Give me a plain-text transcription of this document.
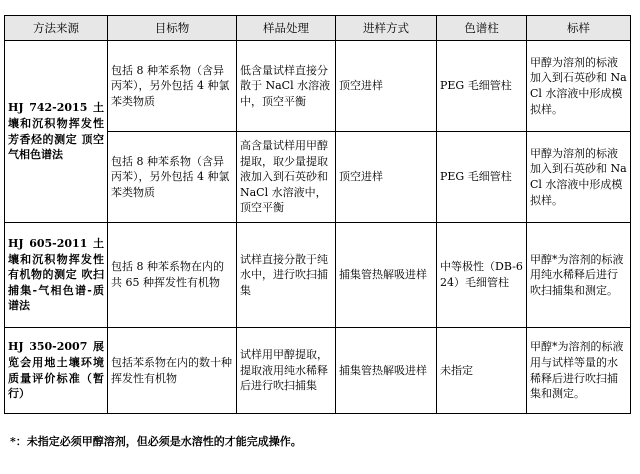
方法来源	目标物	样品处理	进样方式	色谱柱	标样
HJ 742-2015 土壤和沉积物挥发性芳香烃的测定 顶空气相色谱法	包括 8 种苯系物（含异丙苯），另外包括 4 种氯苯类物质	低含量试样直接分散于 NaCl 水溶液中，顶空平衡	顶空进样	PEG 毛细管柱	甲醇为溶剂的标液加入到石英砂和 NaCl 水溶液中形成模拟样。
	包括 8 种苯系物（含异丙苯），另外包括 4 种氯苯类物质	高含量试样用甲醇提取，取少量提取液加入到石英砂和 NaCl 水溶液中，顶空平衡	顶空进样	PEG 毛细管柱	甲醇为溶剂的标液加入到石英砂和 NaCl 水溶液中形成模拟样。
HJ 605-2011 土壤和沉积物挥发性有机物的测定 吹扫捕集-气相色谱-质谱法	包括 8 种苯系物在内的共 65 种挥发性有机物	试样直接分散于纯水中，进行吹扫捕集	捕集管热解吸进样	中等极性（DB-624）毛细管柱	甲醇*为溶剂的标液用纯水稀释后进行吹扫捕集和测定。
HJ 350-2007 展览会用地土壤环境质量评价标准（暂行）	包括苯系物在内的数十种挥发性有机物	试样用甲醇提取，提取液用纯水稀释后进行吹扫捕集	捕集管热解吸进样	未指定	甲醇*为溶剂的标液用与试样等量的水稀释后进行吹扫捕集和测定。
*：未指定必须甲醇溶剂，但必须是水溶性的才能完成操作。
